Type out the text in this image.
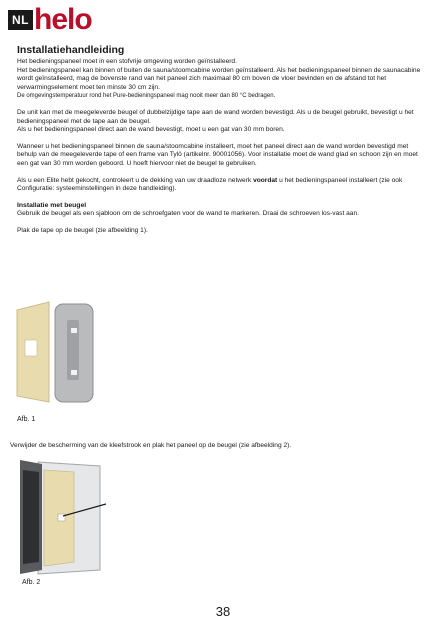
NL helo
Installatiehandleiding

Het bedieningspaneel moet in een stofvrije omgeving worden geïnstalleerd.

Het bedieningspaneel kan binnen of buiten de sauna/stoomcabine worden geïnstalleerd. Als het bedieningspaneel binnen de saunacabine wordt geïnstalleerd, mag de bovenste rand van het paneel zich maximaal 80 cm boven de vloer bevinden en de afstand tot het verwarmingselement moet ten minste 30 cm zijn.

De omgevingstemperatuur rond het Pure-bedieningspaneel mag nooit meer dan 80 °C bedragen.

De unit kan met de meegeleverde beugel of dubbelzijdige tape aan de wand worden bevestigd. Als u de beugel gebruikt, bevestigt u het bedieningspaneel met de tape aan de beugel.

Als u het bedieningspaneel direct aan de wand bevestigt, moet u een gat van 30 mm boren.

Wanneer u het bedieningspaneel binnen de sauna/stoomcabine installeert, moet het paneel direct aan de wand worden bevestigd met behulp van de meegeleverde tape of een frame van Tylö (artikelnr. 90001056). Voor installatie moet de wand glad en schoon zijn en moet een gat van 30 mm worden geboord. U hoeft hiervoor niet de beugel te gebruiken.

Als u een Elite hebt gekocht, controleert u de dekking van uw draadloze netwerk voordat u het bedieningspaneel installeert (zie ook Configuratie: systeeminstellingen in deze handleiding).

Installatie met beugel

Gebruik de beugel als een sjabloon om de schroefgaten voor de wand te markeren. Draai de schroeven los-vast aan.

Plak de tape op de beugel (zie afbeelding 1).

Afb. 1
Verwijder de bescherming van de kleefstrook en plak het paneel op de beugel (zie afbeelding 2).
Afb. 2
38
